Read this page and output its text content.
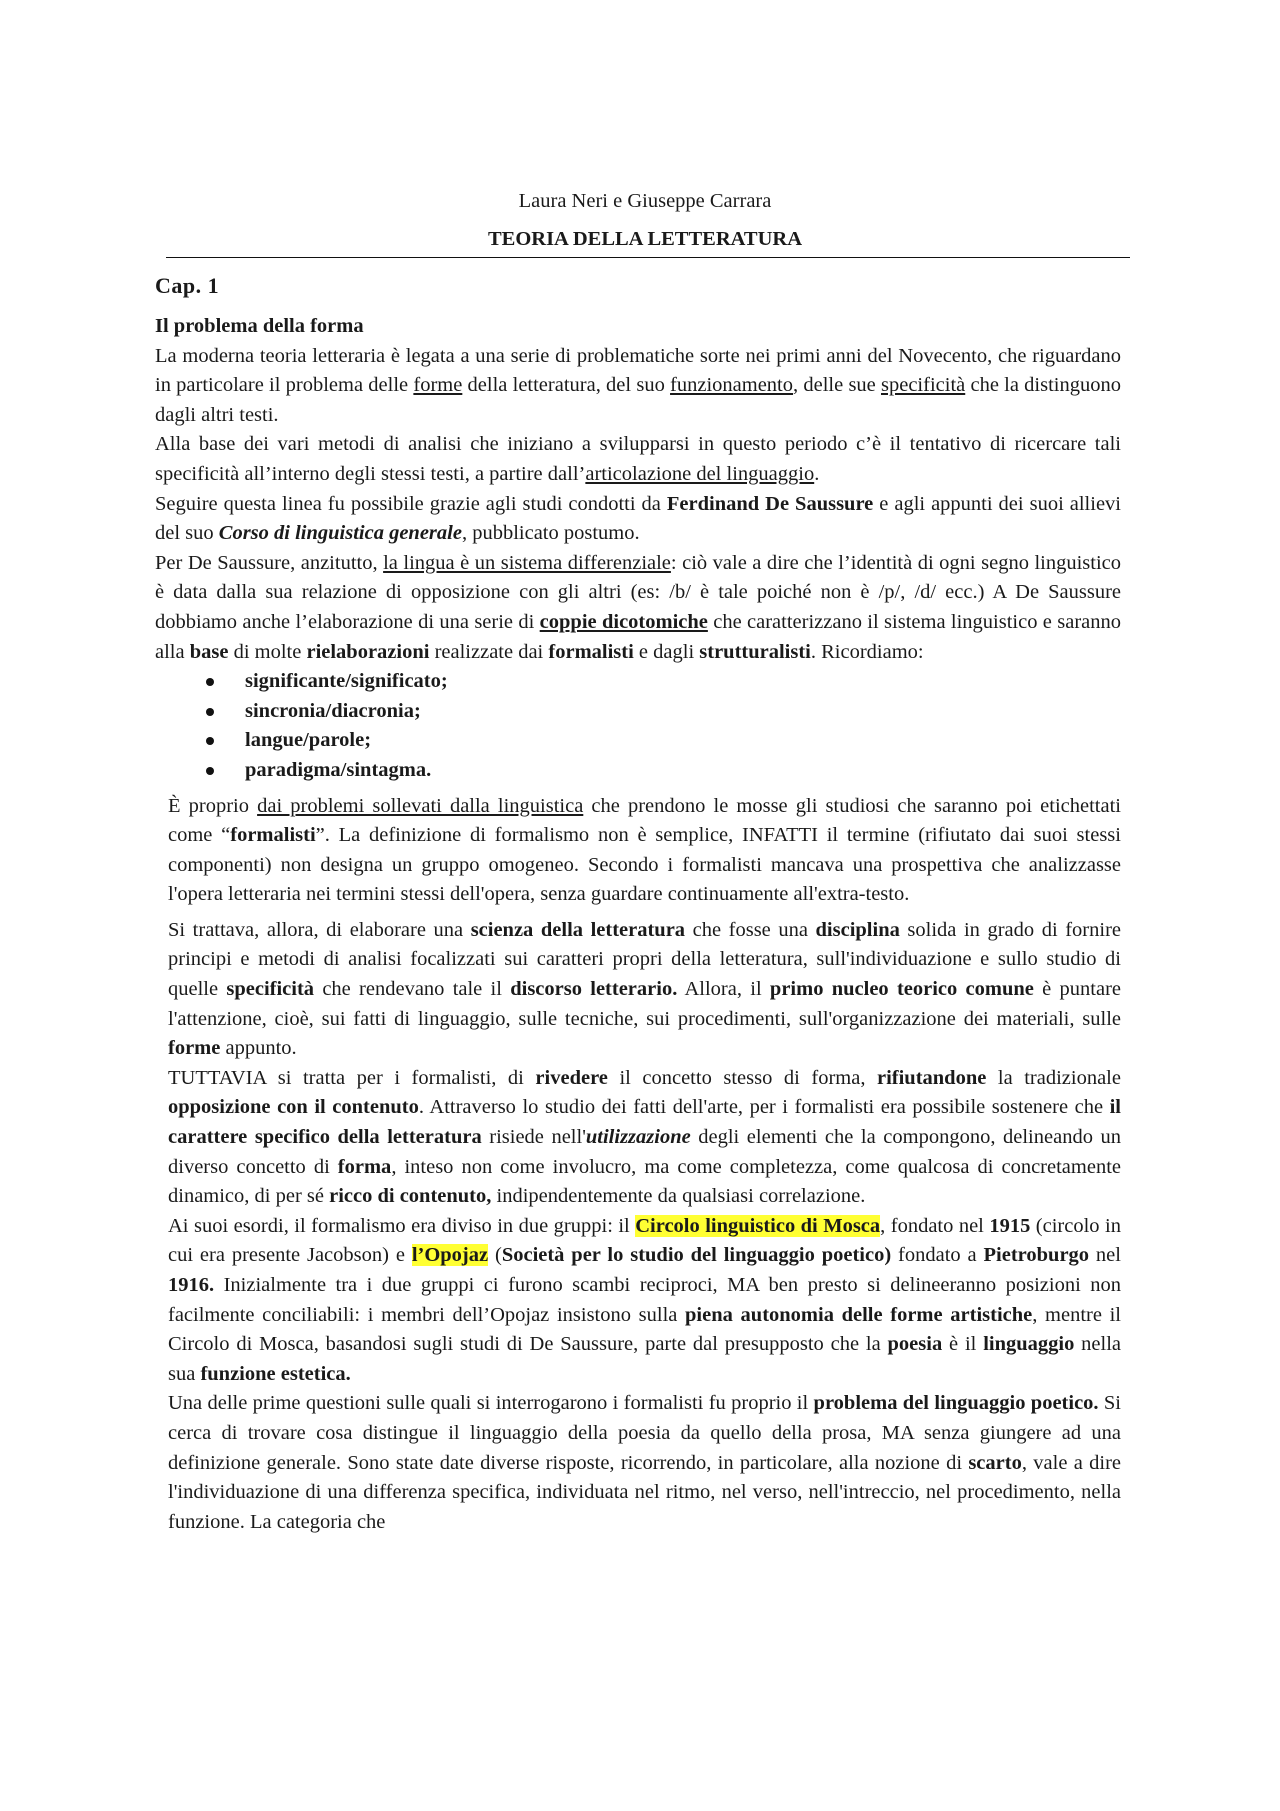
Laura Neri e Giuseppe Carrara
TEORIA DELLA LETTERATURA
Cap. 1

Il problema della forma

La moderna teoria letteraria è legata a una serie di problematiche sorte nei primi anni del Novecento, che riguardano in particolare il problema delle forme della letteratura, del suo funzionamento, delle sue specificità che la distinguono dagli altri testi.

Alla base dei vari metodi di analisi che iniziano a svilupparsi in questo periodo c’è il tentativo di ricercare tali specificità all’interno degli stessi testi, a partire dall’articolazione del linguaggio.
Seguire questa linea fu possibile grazie agli studi condotti da Ferdinand De Saussure e agli appunti dei suoi allievi del suo Corso di linguistica generale, pubblicato postumo.

Per De Saussure, anzitutto, la lingua è un sistema differenziale: ciò vale a dire che l’identità di ogni segno linguistico è data dalla sua relazione di opposizione con gli altri (es: /b/ è tale poiché non è /p/, /d/ ecc.) A De Saussure dobbiamo anche l’elaborazione di una serie di coppie dicotomiche che caratterizzano il sistema linguistico e saranno alla base di molte rielaborazioni realizzate dai formalisti e dagli strutturalisti. Ricordiamo:

significante/significato;
sincronia/diacronia;
langue/parole;
paradigma/sintagma.

È proprio dai problemi sollevati dalla linguistica che prendono le mosse gli studiosi che saranno poi etichettati come “formalisti”. La definizione di formalismo non è semplice, INFATTI il termine (rifiutato dai suoi stessi componenti) non designa un gruppo omogeneo. Secondo i formalisti mancava una prospettiva che analizzasse l'opera letteraria nei termini stessi dell'opera, senza guardare continuamente all'extra-testo.

Si trattava, allora, di elaborare una scienza della letteratura che fosse una disciplina solida in grado di fornire principi e metodi di analisi focalizzati sui caratteri propri della letteratura, sull'individuazione e sullo studio di quelle specificità che rendevano tale il discorso letterario. Allora, il primo nucleo teorico comune è puntare l'attenzione, cioè, sui fatti di linguaggio, sulle tecniche, sui procedimenti, sull'organizzazione dei materiali, sulle forme appunto.

TUTTAVIA si tratta per i formalisti, di rivedere il concetto stesso di forma, rifiutandone la tradizionale opposizione con il contenuto. Attraverso lo studio dei fatti dell'arte, per i formalisti era possibile sostenere che il carattere specifico della letteratura risiede nell'utilizzazione degli elementi che la compongono, delineando un diverso concetto di forma, inteso non come involucro, ma come completezza, come qualcosa di concretamente dinamico, di per sé ricco di contenuto, indipendentemente da qualsiasi correlazione.

Ai suoi esordi, il formalismo era diviso in due gruppi: il Circolo linguistico di Mosca, fondato nel 1915 (circolo in cui era presente Jacobson) e l’Opojaz (Società per lo studio del linguaggio poetico) fondato a Pietroburgo nel 1916. Inizialmente tra i due gruppi ci furono scambi reciproci, MA ben presto si delineeranno posizioni non facilmente conciliabili: i membri dell’Opojaz insistono sulla piena autonomia delle forme artistiche, mentre il Circolo di Mosca, basandosi sugli studi di De Saussure, parte dal presupposto che la poesia è il linguaggio nella sua funzione estetica.

Una delle prime questioni sulle quali si interrogarono i formalisti fu proprio il problema del linguaggio poetico. Si cerca di trovare cosa distingue il linguaggio della poesia da quello della prosa, MA senza giungere ad una definizione generale. Sono state date diverse risposte, ricorrendo, in particolare, alla nozione di scarto, vale a dire l'individuazione di una differenza specifica, individuata nel ritmo, nel verso, nell'intreccio, nel procedimento, nella funzione. La categoria che
